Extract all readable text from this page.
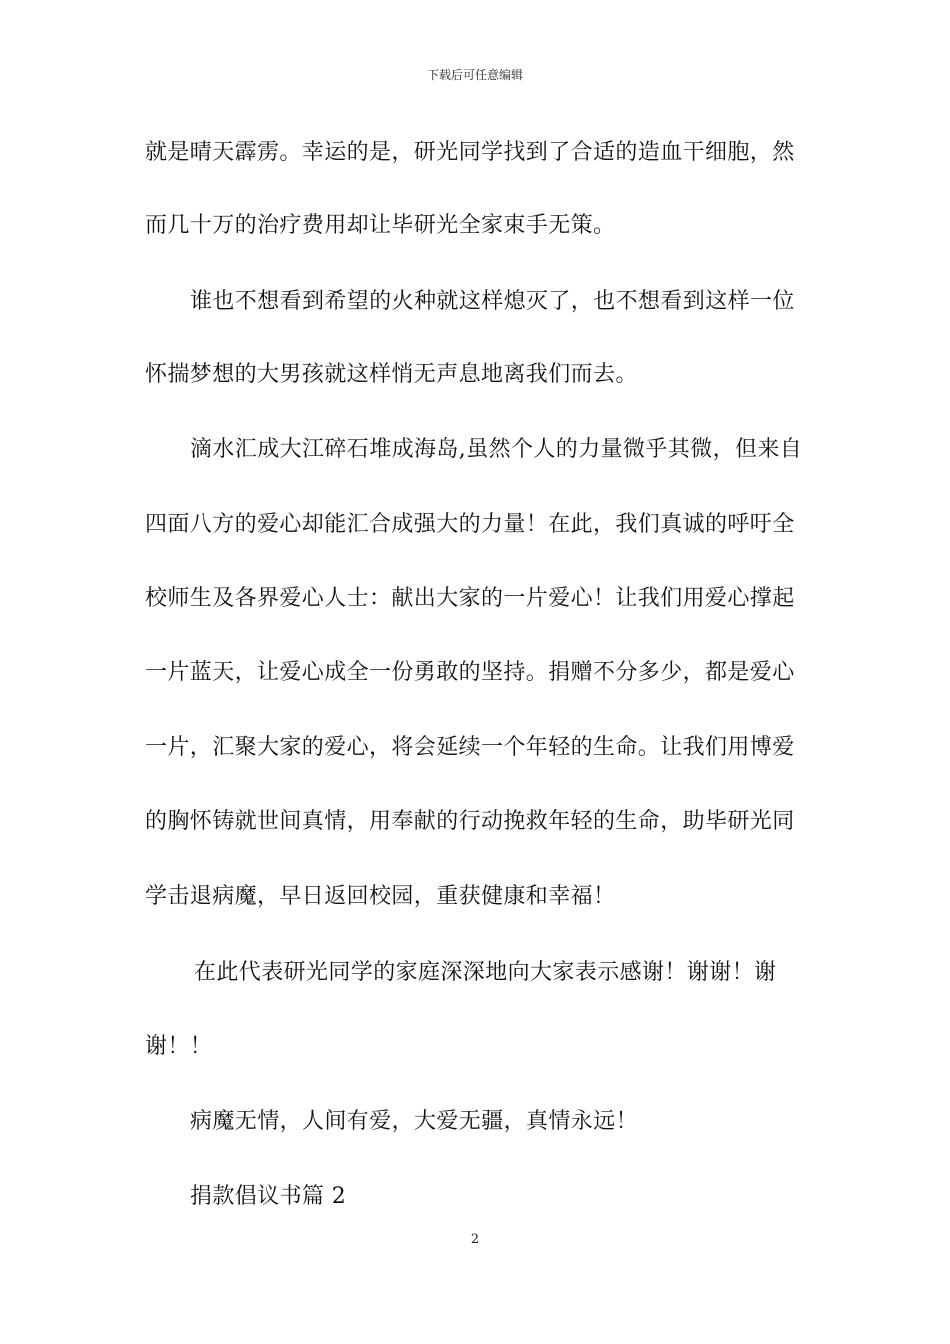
下载后可任意编辑
就是晴天霹雳。幸运的是，研光同学找到了合适的造血干细胞，然
而几十万的治疗费用却让毕研光全家束手无策。
谁也不想看到希望的火种就这样熄灭了，也不想看到这样一位
怀揣梦想的大男孩就这样悄无声息地离我们而去。
滴水汇成大江碎石堆成海岛,虽然个人的力量微乎其微，但来自
四面八方的爱心却能汇合成强大的力量！在此，我们真诚的呼吁全
校师生及各界爱心人士：献出大家的一片爱心！让我们用爱心撑起
一片蓝天，让爱心成全一份勇敢的坚持。捐赠不分多少，都是爱心
一片，汇聚大家的爱心，将会延续一个年轻的生命。让我们用博爱
的胸怀铸就世间真情，用奉献的行动挽救年轻的生命，助毕研光同
学击退病魔，早日返回校园，重获健康和幸福！
在此代表研光同学的家庭深深地向大家表示感谢！谢谢！谢
谢！！
病魔无情，人间有爱，大爱无疆，真情永远！
捐款倡议书篇 2
2
